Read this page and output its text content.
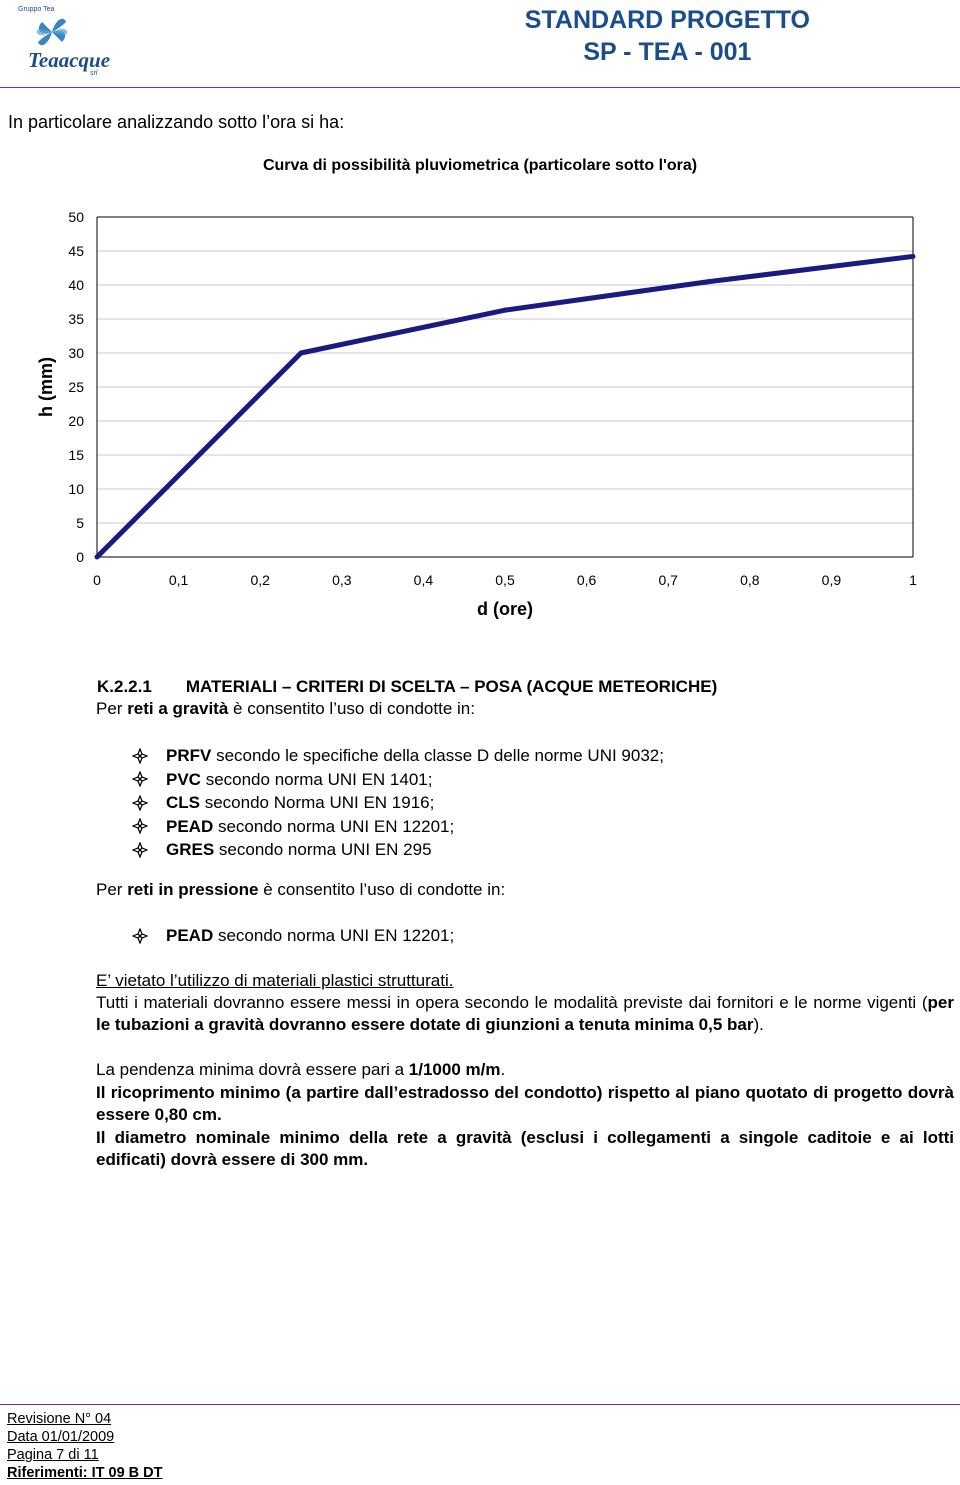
Gruppo Tea
Teaacque
srl
STANDARD PROGETTO
SP - TEA - 001
In particolare analizzando sotto l’ora si ha:
Curva di possibilità pluviometrica (particolare sotto l'ora)
0
5
10
15
20
25
30
35
40
45
50
0	0,1	0,2	0,3	0,4	0,5	0,6	0,7	0,8	0,9	1
d (ore)
h (mm)
K.2.2.1 MATERIALI – CRITERI DI SCELTA – POSA (ACQUE METEORICHE)
Per reti a gravità è consentito l’uso di condotte in:
PRFV secondo le specifiche della classe D delle norme UNI 9032;
PVC secondo norma UNI EN 1401;
CLS secondo Norma UNI EN 1916;
PEAD secondo norma UNI EN 12201;
GRES secondo norma UNI EN 295
Per reti in pressione è consentito l’uso di condotte in:
PEAD secondo norma UNI EN 12201;
E’ vietato l’utilizzo di materiali plastici strutturati.
Tutti i materiali dovranno essere messi in opera secondo le modalità previste dai fornitori e le norme vigenti (per le tubazioni a gravità dovranno essere dotate di giunzioni a tenuta minima 0,5 bar).
La pendenza minima dovrà essere pari a 1/1000 m/m.
Il ricoprimento minimo (a partire dall’estradosso del condotto) rispetto al piano quotato di progetto dovrà essere 0,80 cm.
Il diametro nominale minimo della rete a gravità (esclusi i collegamenti a singole caditoie e ai lotti edificati) dovrà essere di 300 mm.
Revisione N° 04
Data 01/01/2009
Pagina 7 di 11
Riferimenti: IT 09 B DT
